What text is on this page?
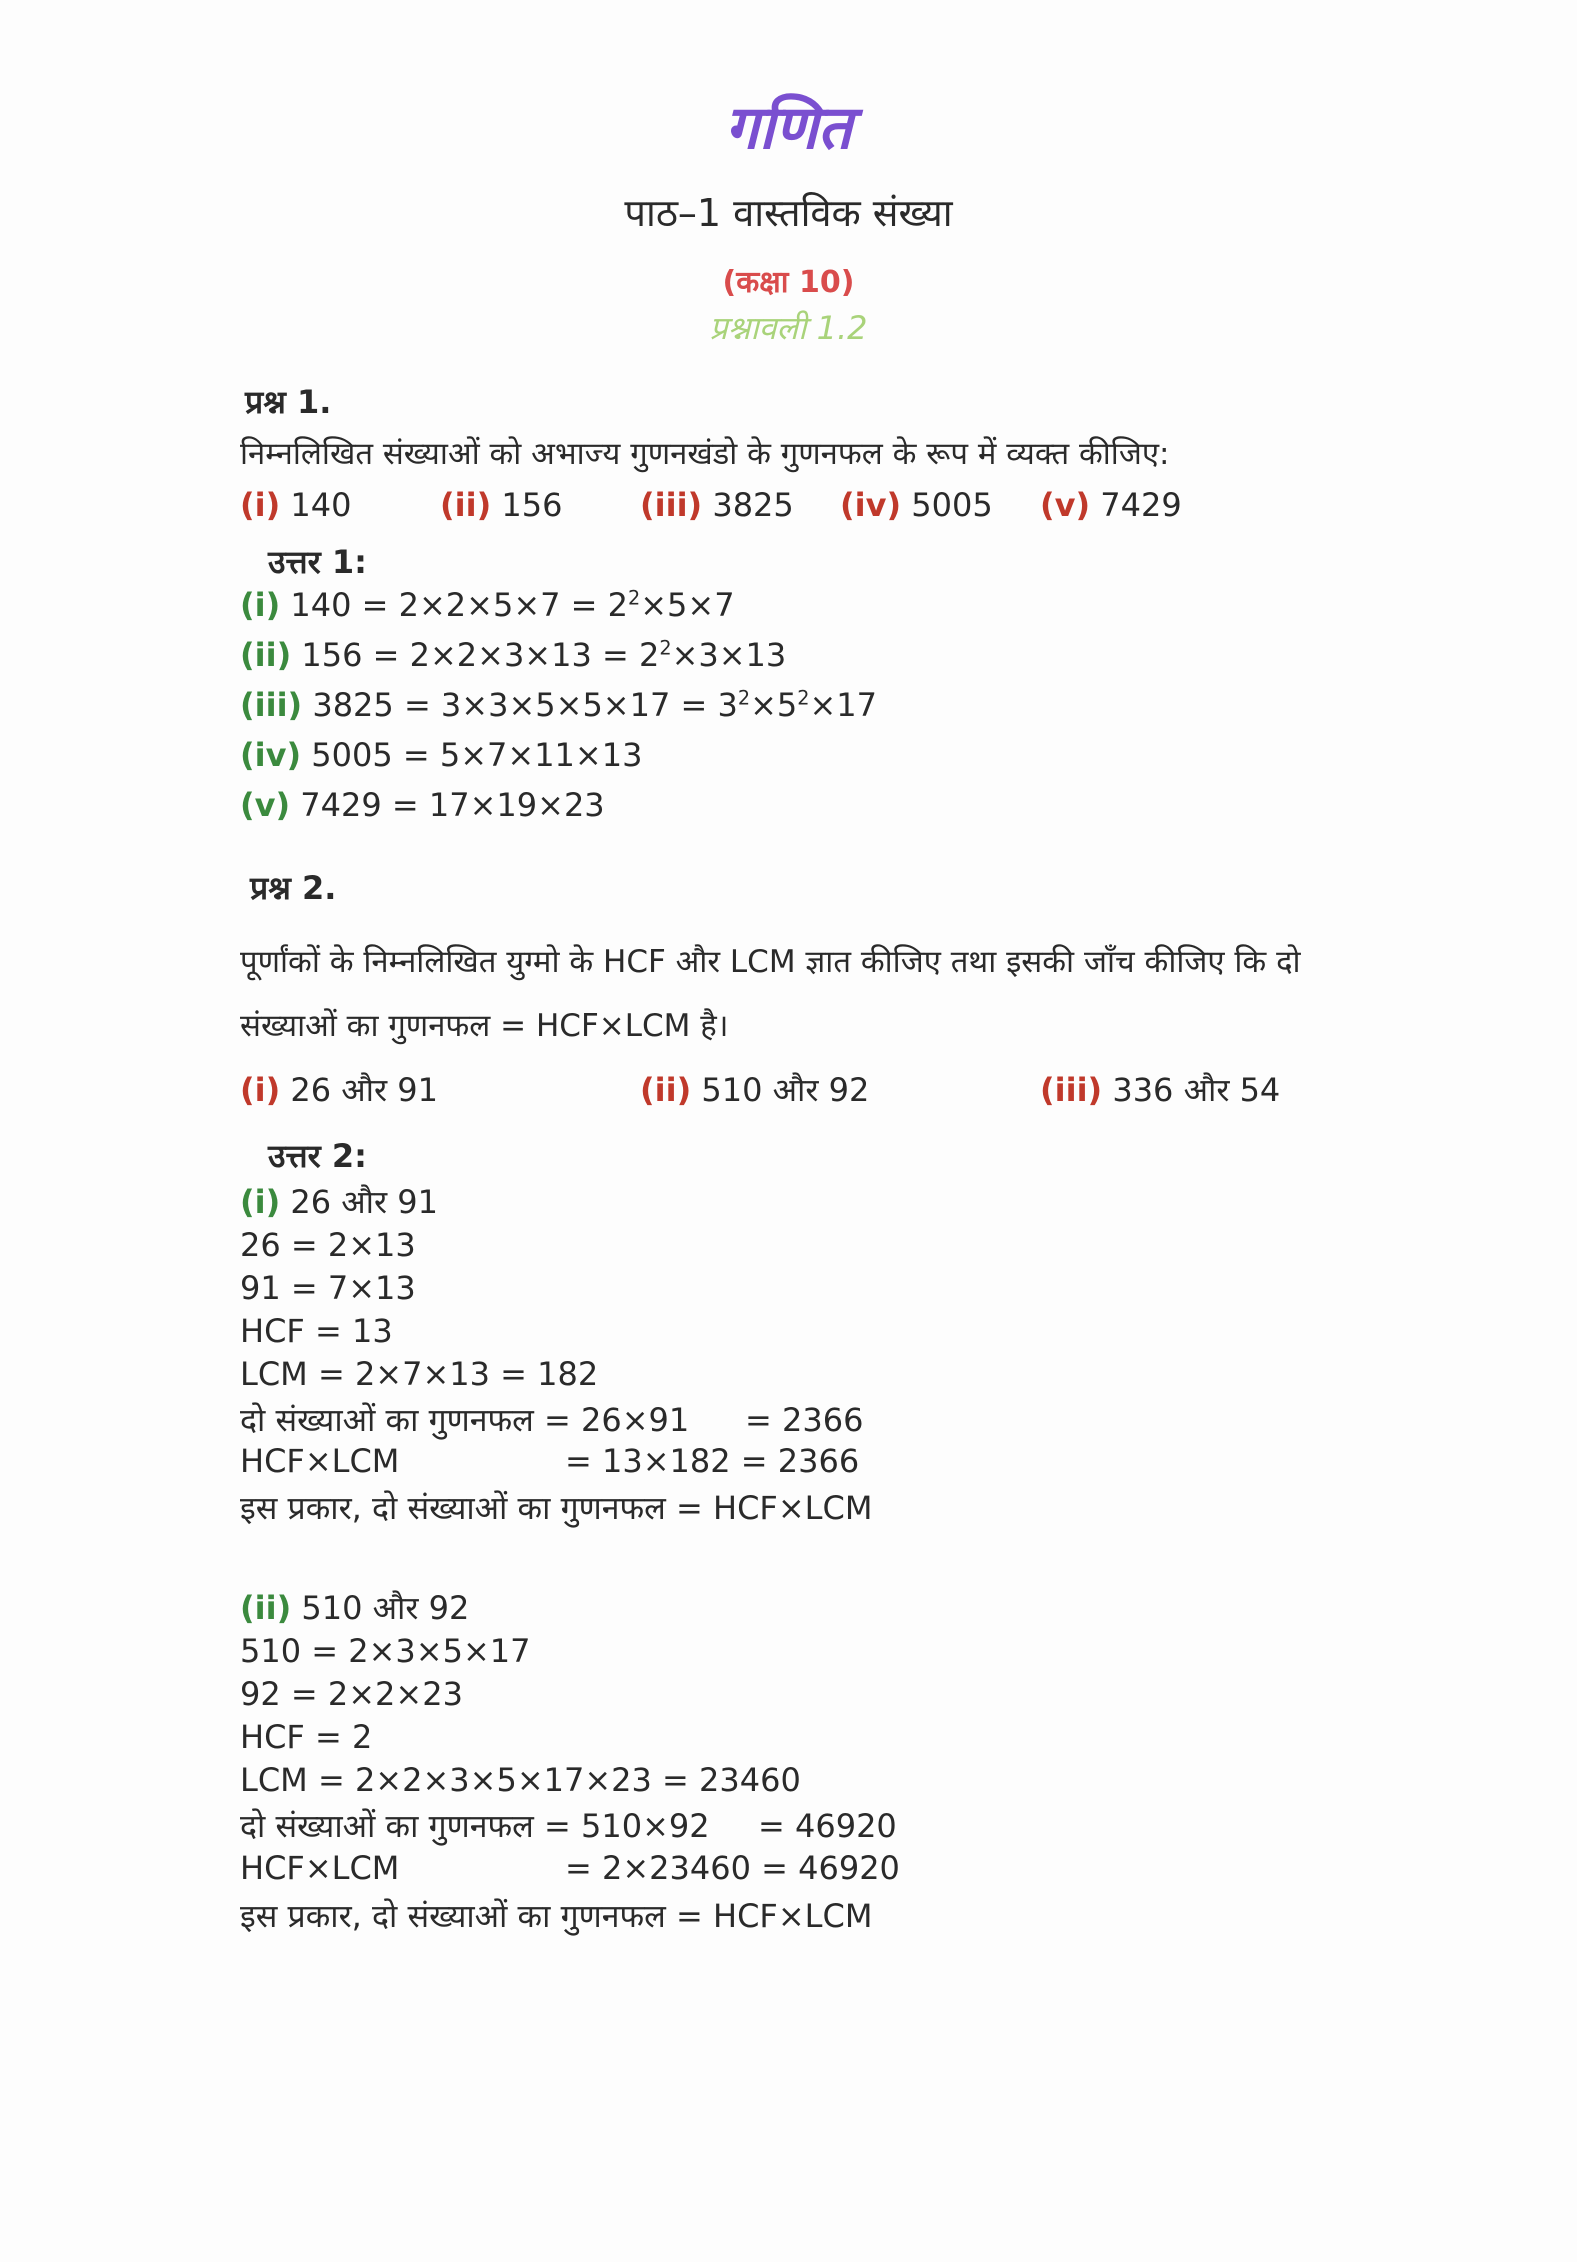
गणित
पाठ–1 वास्तविक संख्या
(कक्षा 10)
प्रश्नावली 1.2
प्रश्न 1.
निम्नलिखित संख्याओं को अभाज्य गुणनखंडो के गुणनफल के रूप में व्यक्त कीजिए:
(i) 140	(ii) 156 (iii) 3825 (iv) 5005 (v) 7429
उत्तर 1:
(i) $140 = 2\times 2\times 5\times 7 = 2^2\times 5\times 7$
(ii) $156 = 2\times 2\times 3\times 13 = 2^2\times 3\times 13$
(iii) $3825 = 3\times 3\times 5\times 5\times 17 = 3^2\times 5^2\times 17$
(iv) 5005 = 5×7×11×13
(v) 7429 = 17×19×23
प्रश्न 2.
पूर्णांकों के निम्नलिखित युग्मो के HCF और LCM ज्ञात कीजिए तथा इसकी जाँच कीजिए कि दो
संख्याओं का गुणनफल = HCF×LCM है।
(i) 26 और 91	(ii) 510 और 92	(iii) 336 और 54
उत्तर 2:
(i) 26 और 91
26 = 2×13
91 = 7×13
HCF = 13
LCM = 2×7×13 = 182
दो संख्याओं का गुणनफल = 26×91 = 2366
HCF×LCM	= 13×182 = 2366
इस प्रकार, दो संख्याओं का गुणनफल = HCF×LCM
(ii) 510 और 92
510 = 2×3×5×17
92 = 2×2×23
HCF = 2
LCM = 2×2×3×5×17×23 = 23460
दो संख्याओं का गुणनफल = 510×92 = 46920
HCF×LCM	= 2×23460 = 46920
इस प्रकार, दो संख्याओं का गुणनफल = HCF×LCM
